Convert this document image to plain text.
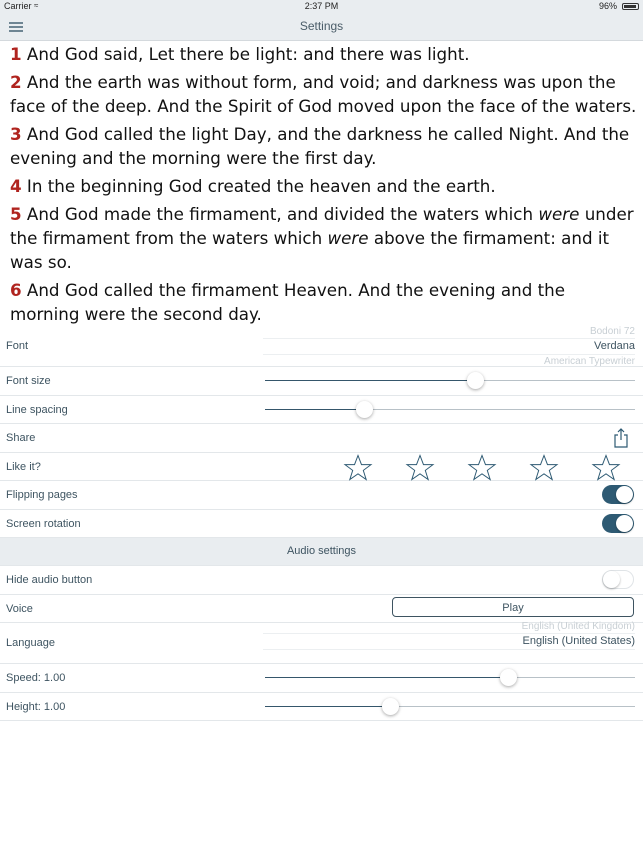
Carrier ≈	2:37 PM	96%
Settings

1 And God said, Let there be light: and there was light.

2 And the earth was without form, and void; and darkness was upon the face of the deep. And the Spirit of God moved upon the face of the waters.

3 And God called the light Day, and the darkness he called Night. And the evening and the morning were the first day.

4 In the beginning God created the heaven and the earth.

5 And God made the firmament, and divided the waters which were under the firmament from the waters which were above the firmament: and it was so.

6 And God called the firmament Heaven. And the evening and the morning were the second day.

Font
Bodoni 72
Verdana
American Typewriter
Font size
Line spacing
Share
Like it?
Flipping pages
Screen rotation
Audio settings
Hide audio button
Voice	Play
Language
English (United Kingdom)
English (United States)
Speed: 1.00
Height: 1.00
